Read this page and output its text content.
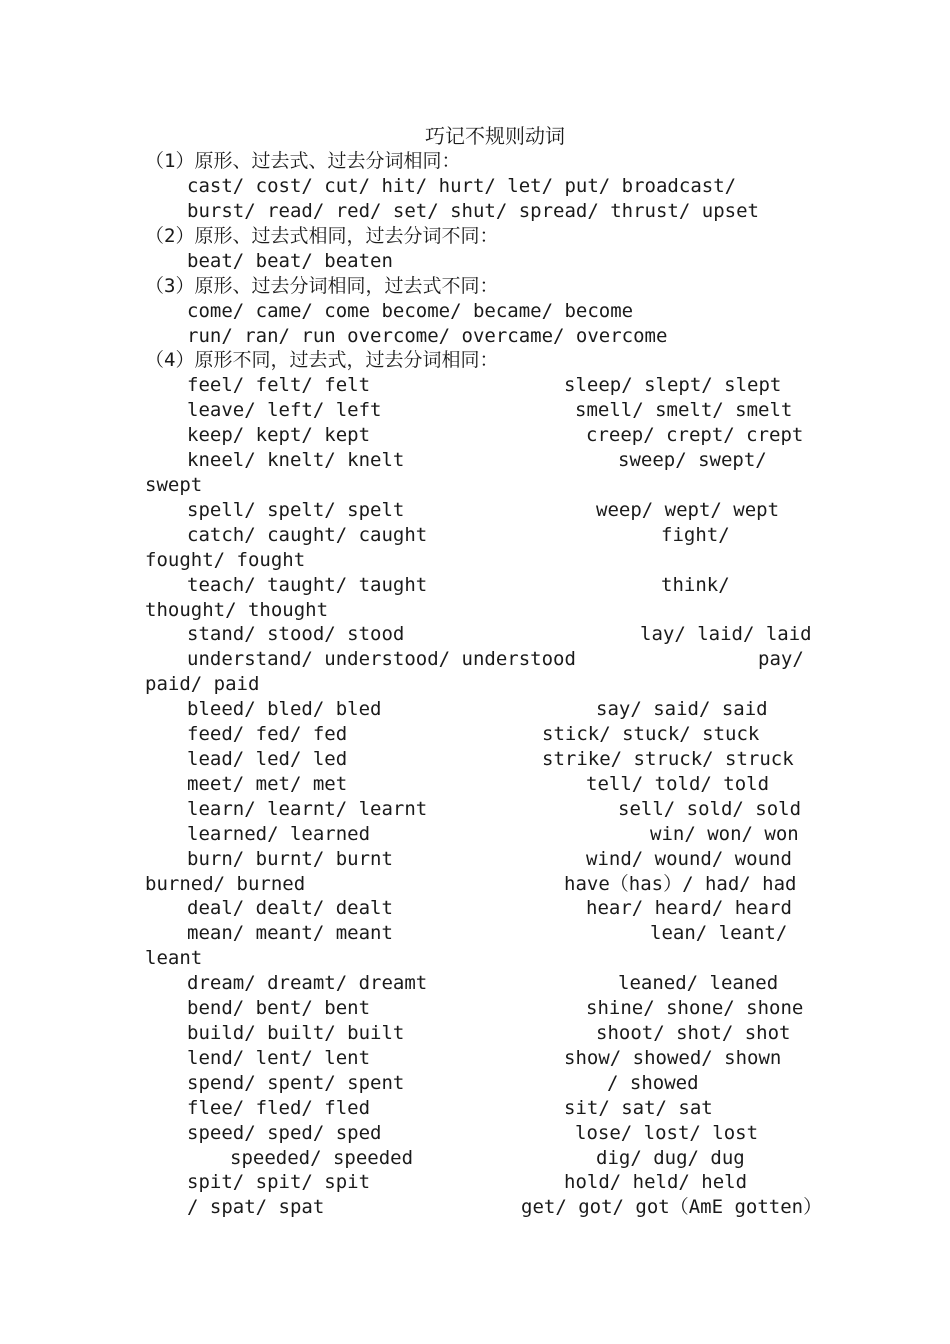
巧记不规则动词
（1）原形、过去式、过去分词相同：
cast/ cost/ cut/ hit/ hurt/ let/ put/ broadcast/
burst/ read/ red/ set/ shut/ spread/ thrust/ upset
（2）原形、过去式相同，过去分词不同：
beat/ beat/ beaten
（3）原形、过去分词相同，过去式不同：
come/ came/ come become/ became/ become
run/ ran/ run overcome/ overcame/ overcome
（4）原形不同，过去式，过去分词相同：
feel/ felt/ felt	sleep/ slept/ slept
leave/ left/ left	smell/ smelt/ smelt
keep/ kept/ kept	creep/ crept/ crept
kneel/ knelt/ knelt	sweep/ swept/
swept
spell/ spelt/ spelt	weep/ wept/ wept
catch/ caught/ caught	fight/
fought/ fought
teach/ taught/ taught	think/
thought/ thought
stand/ stood/ stood	lay/ laid/ laid
understand/ understood/ understood	pay/
paid/ paid
bleed/ bled/ bled	say/ said/ said
feed/ fed/ fed	stick/ stuck/ stuck
lead/ led/ led	strike/ struck/ struck
meet/ met/ met	tell/ told/ told
learn/ learnt/ learnt	sell/ sold/ sold
learned/ learned	win/ won/ won
burn/ burnt/ burnt	wind/ wound/ wound
burned/ burned	have（has）/ had/ had
deal/ dealt/ dealt	hear/ heard/ heard
mean/ meant/ meant	lean/ leant/
leant
dream/ dreamt/ dreamt	leaned/ leaned
bend/ bent/ bent	shine/ shone/ shone
build/ built/ built	shoot/ shot/ shot
lend/ lent/ lent	show/ showed/ shown
spend/ spent/ spent	/ showed
flee/ fled/ fled	sit/ sat/ sat
speed/ sped/ sped	lose/ lost/ lost
speeded/ speeded	dig/ dug/ dug
spit/ spit/ spit	hold/ held/ held
/ spat/ spat	get/ got/ got（AmE gotten）
